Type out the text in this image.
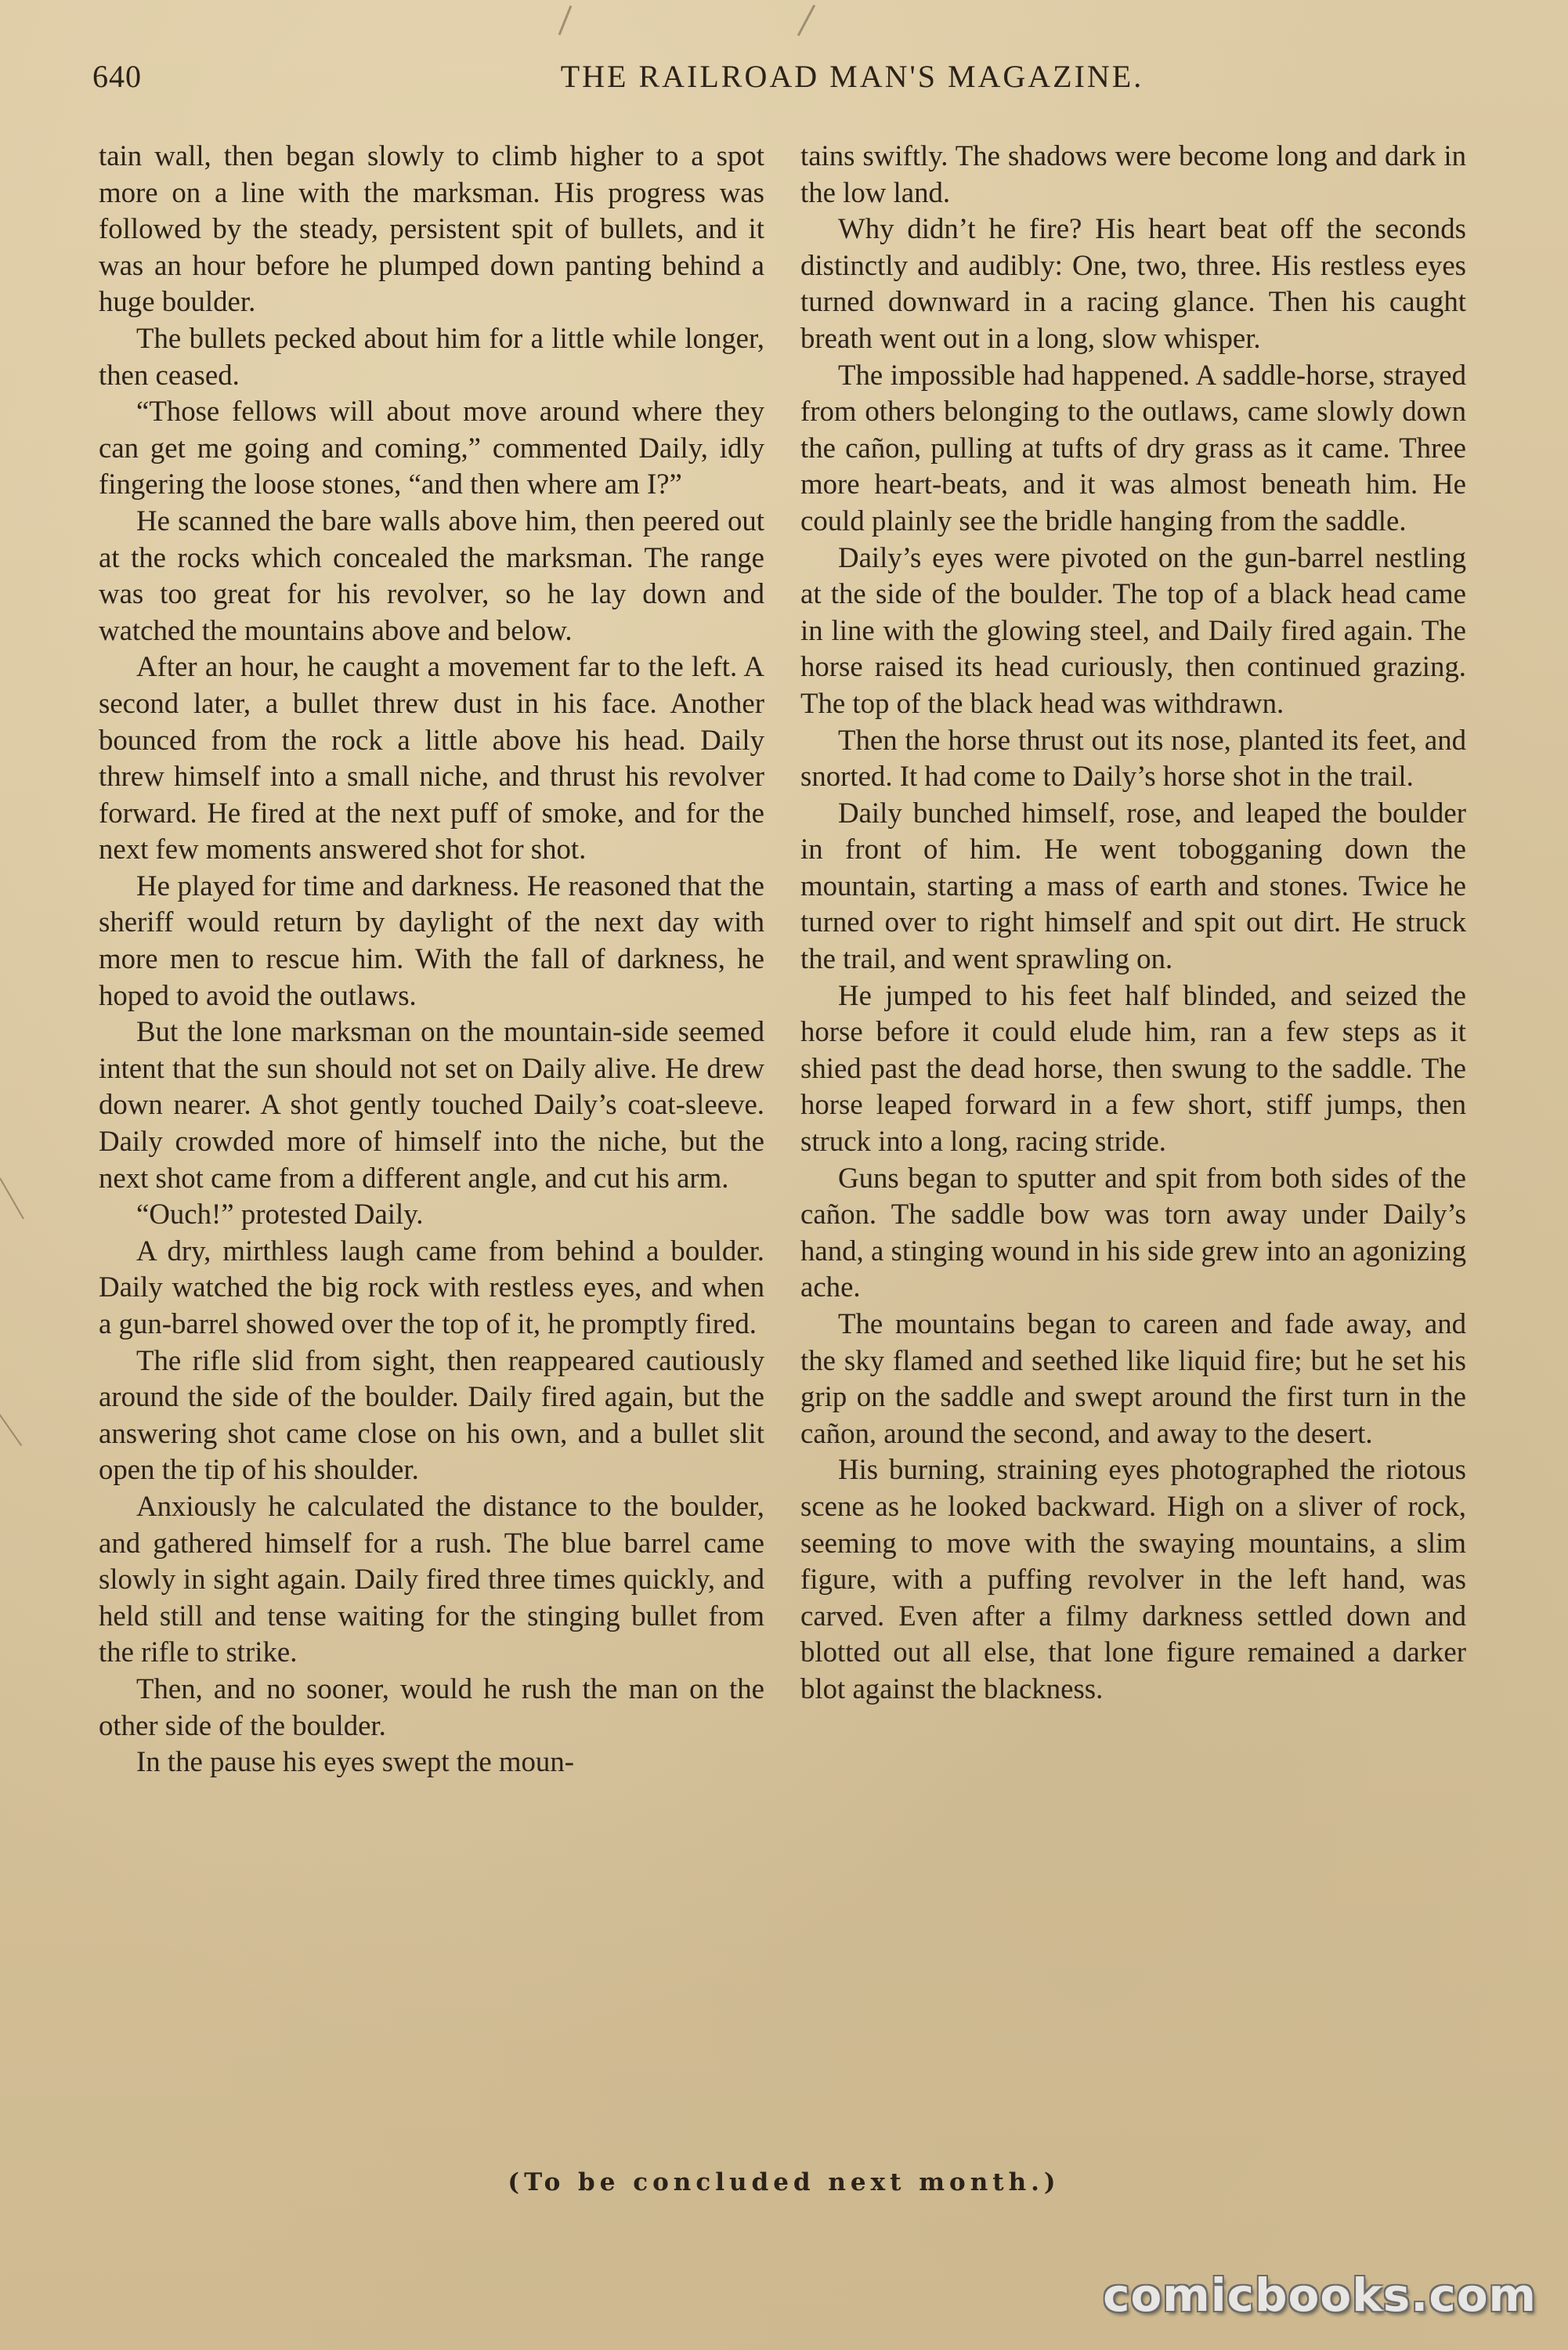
640	THE RAILROAD MAN'S MAGAZINE.

tain wall, then began slowly to climb higher to a spot more on a line with the marksman. His progress was followed by the steady, persistent spit of bullets, and it was an hour before he plumped down panting behind a huge boulder.

The bullets pecked about him for a little while longer, then ceased.

“Those fellows will about move around where they can get me going and coming,” commented Daily, idly fingering the loose stones, “and then where am I?”

He scanned the bare walls above him, then peered out at the rocks which concealed the marksman. The range was too great for his revolver, so he lay down and watched the mountains above and below.

After an hour, he caught a movement far to the left. A second later, a bullet threw dust in his face. Another bounced from the rock a little above his head. Daily threw himself into a small niche, and thrust his revolver forward. He fired at the next puff of smoke, and for the next few moments answered shot for shot.

He played for time and darkness. He reasoned that the sheriff would return by daylight of the next day with more men to rescue him. With the fall of darkness, he hoped to avoid the outlaws.

But the lone marksman on the mountain-side seemed intent that the sun should not set on Daily alive. He drew down nearer. A shot gently touched Daily’s coat-sleeve. Daily crowded more of himself into the niche, but the next shot came from a different angle, and cut his arm.

“Ouch!” protested Daily.

A dry, mirthless laugh came from behind a boulder. Daily watched the big rock with restless eyes, and when a gun-barrel showed over the top of it, he promptly fired.

The rifle slid from sight, then reappeared cautiously around the side of the boulder. Daily fired again, but the answering shot came close on his own, and a bullet slit open the tip of his shoulder.

Anxiously he calculated the distance to the boulder, and gathered himself for a rush. The blue barrel came slowly in sight again. Daily fired three times quickly, and held still and tense waiting for the stinging bullet from the rifle to strike.

Then, and no sooner, would he rush the man on the other side of the boulder.

In the pause his eyes swept the moun-

tains swiftly. The shadows were become long and dark in the low land.

Why didn’t he fire? His heart beat off the seconds distinctly and audibly: One, two, three. His restless eyes turned downward in a racing glance. Then his caught breath went out in a long, slow whisper.

The impossible had happened. A saddle-horse, strayed from others belonging to the outlaws, came slowly down the cañon, pulling at tufts of dry grass as it came. Three more heart-beats, and it was almost beneath him. He could plainly see the bridle hanging from the saddle.

Daily’s eyes were pivoted on the gun-barrel nestling at the side of the boulder. The top of a black head came in line with the glowing steel, and Daily fired again. The horse raised its head curiously, then continued grazing. The top of the black head was withdrawn.

Then the horse thrust out its nose, planted its feet, and snorted. It had come to Daily’s horse shot in the trail.

Daily bunched himself, rose, and leaped the boulder in front of him. He went tobogganing down the mountain, starting a mass of earth and stones. Twice he turned over to right himself and spit out dirt. He struck the trail, and went sprawling on.

He jumped to his feet half blinded, and seized the horse before it could elude him, ran a few steps as it shied past the dead horse, then swung to the saddle. The horse leaped forward in a few short, stiff jumps, then struck into a long, racing stride.

Guns began to sputter and spit from both sides of the cañon. The saddle bow was torn away under Daily’s hand, a stinging wound in his side grew into an agonizing ache.

The mountains began to careen and fade away, and the sky flamed and seethed like liquid fire; but he set his grip on the saddle and swept around the first turn in the cañon, around the second, and away to the desert.

His burning, straining eyes photographed the riotous scene as he looked backward. High on a sliver of rock, seeming to move with the swaying mountains, a slim figure, with a puffing revolver in the left hand, was carved. Even after a filmy darkness settled down and blotted out all else, that lone figure remained a darker blot against the blackness.

(To be concluded next month.)
comicbooks.com
